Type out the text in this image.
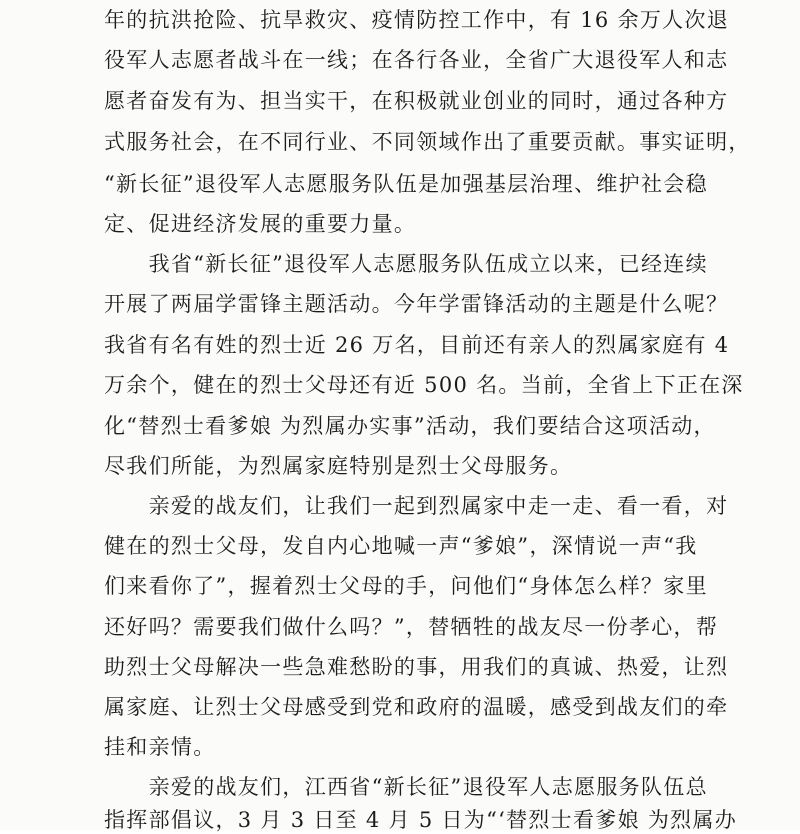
年的抗洪抢险、抗旱救灾、疫情防控工作中，有 16 余万人次退
役军人志愿者战斗在一线；在各行各业，全省广大退役军人和志
愿者奋发有为、担当实干，在积极就业创业的同时，通过各种方
式服务社会，在不同行业、不同领域作出了重要贡献。事实证明，
“新长征”退役军人志愿服务队伍是加强基层治理、维护社会稳
定、促进经济发展的重要力量。
　　我省“新长征”退役军人志愿服务队伍成立以来，已经连续
开展了两届学雷锋主题活动。今年学雷锋活动的主题是什么呢？
我省有名有姓的烈士近 26 万名，目前还有亲人的烈属家庭有 4
万余个，健在的烈士父母还有近 500 名。当前，全省上下正在深
化“替烈士看爹娘 为烈属办实事”活动，我们要结合这项活动，
尽我们所能，为烈属家庭特别是烈士父母服务。
　　亲爱的战友们，让我们一起到烈属家中走一走、看一看，对
健在的烈士父母，发自内心地喊一声“爹娘”，深情说一声“我
们来看你了”，握着烈士父母的手，问他们“身体怎么样？家里
还好吗？需要我们做什么吗？”，替牺牲的战友尽一份孝心，帮
助烈士父母解决一些急难愁盼的事，用我们的真诚、热爱，让烈
属家庭、让烈士父母感受到党和政府的温暖，感受到战友们的牵
挂和亲情。
　　亲爱的战友们，江西省“新长征”退役军人志愿服务队伍总
指挥部倡议，3 月 3 日至 4 月 5 日为“‘替烈士看爹娘 为烈属办
